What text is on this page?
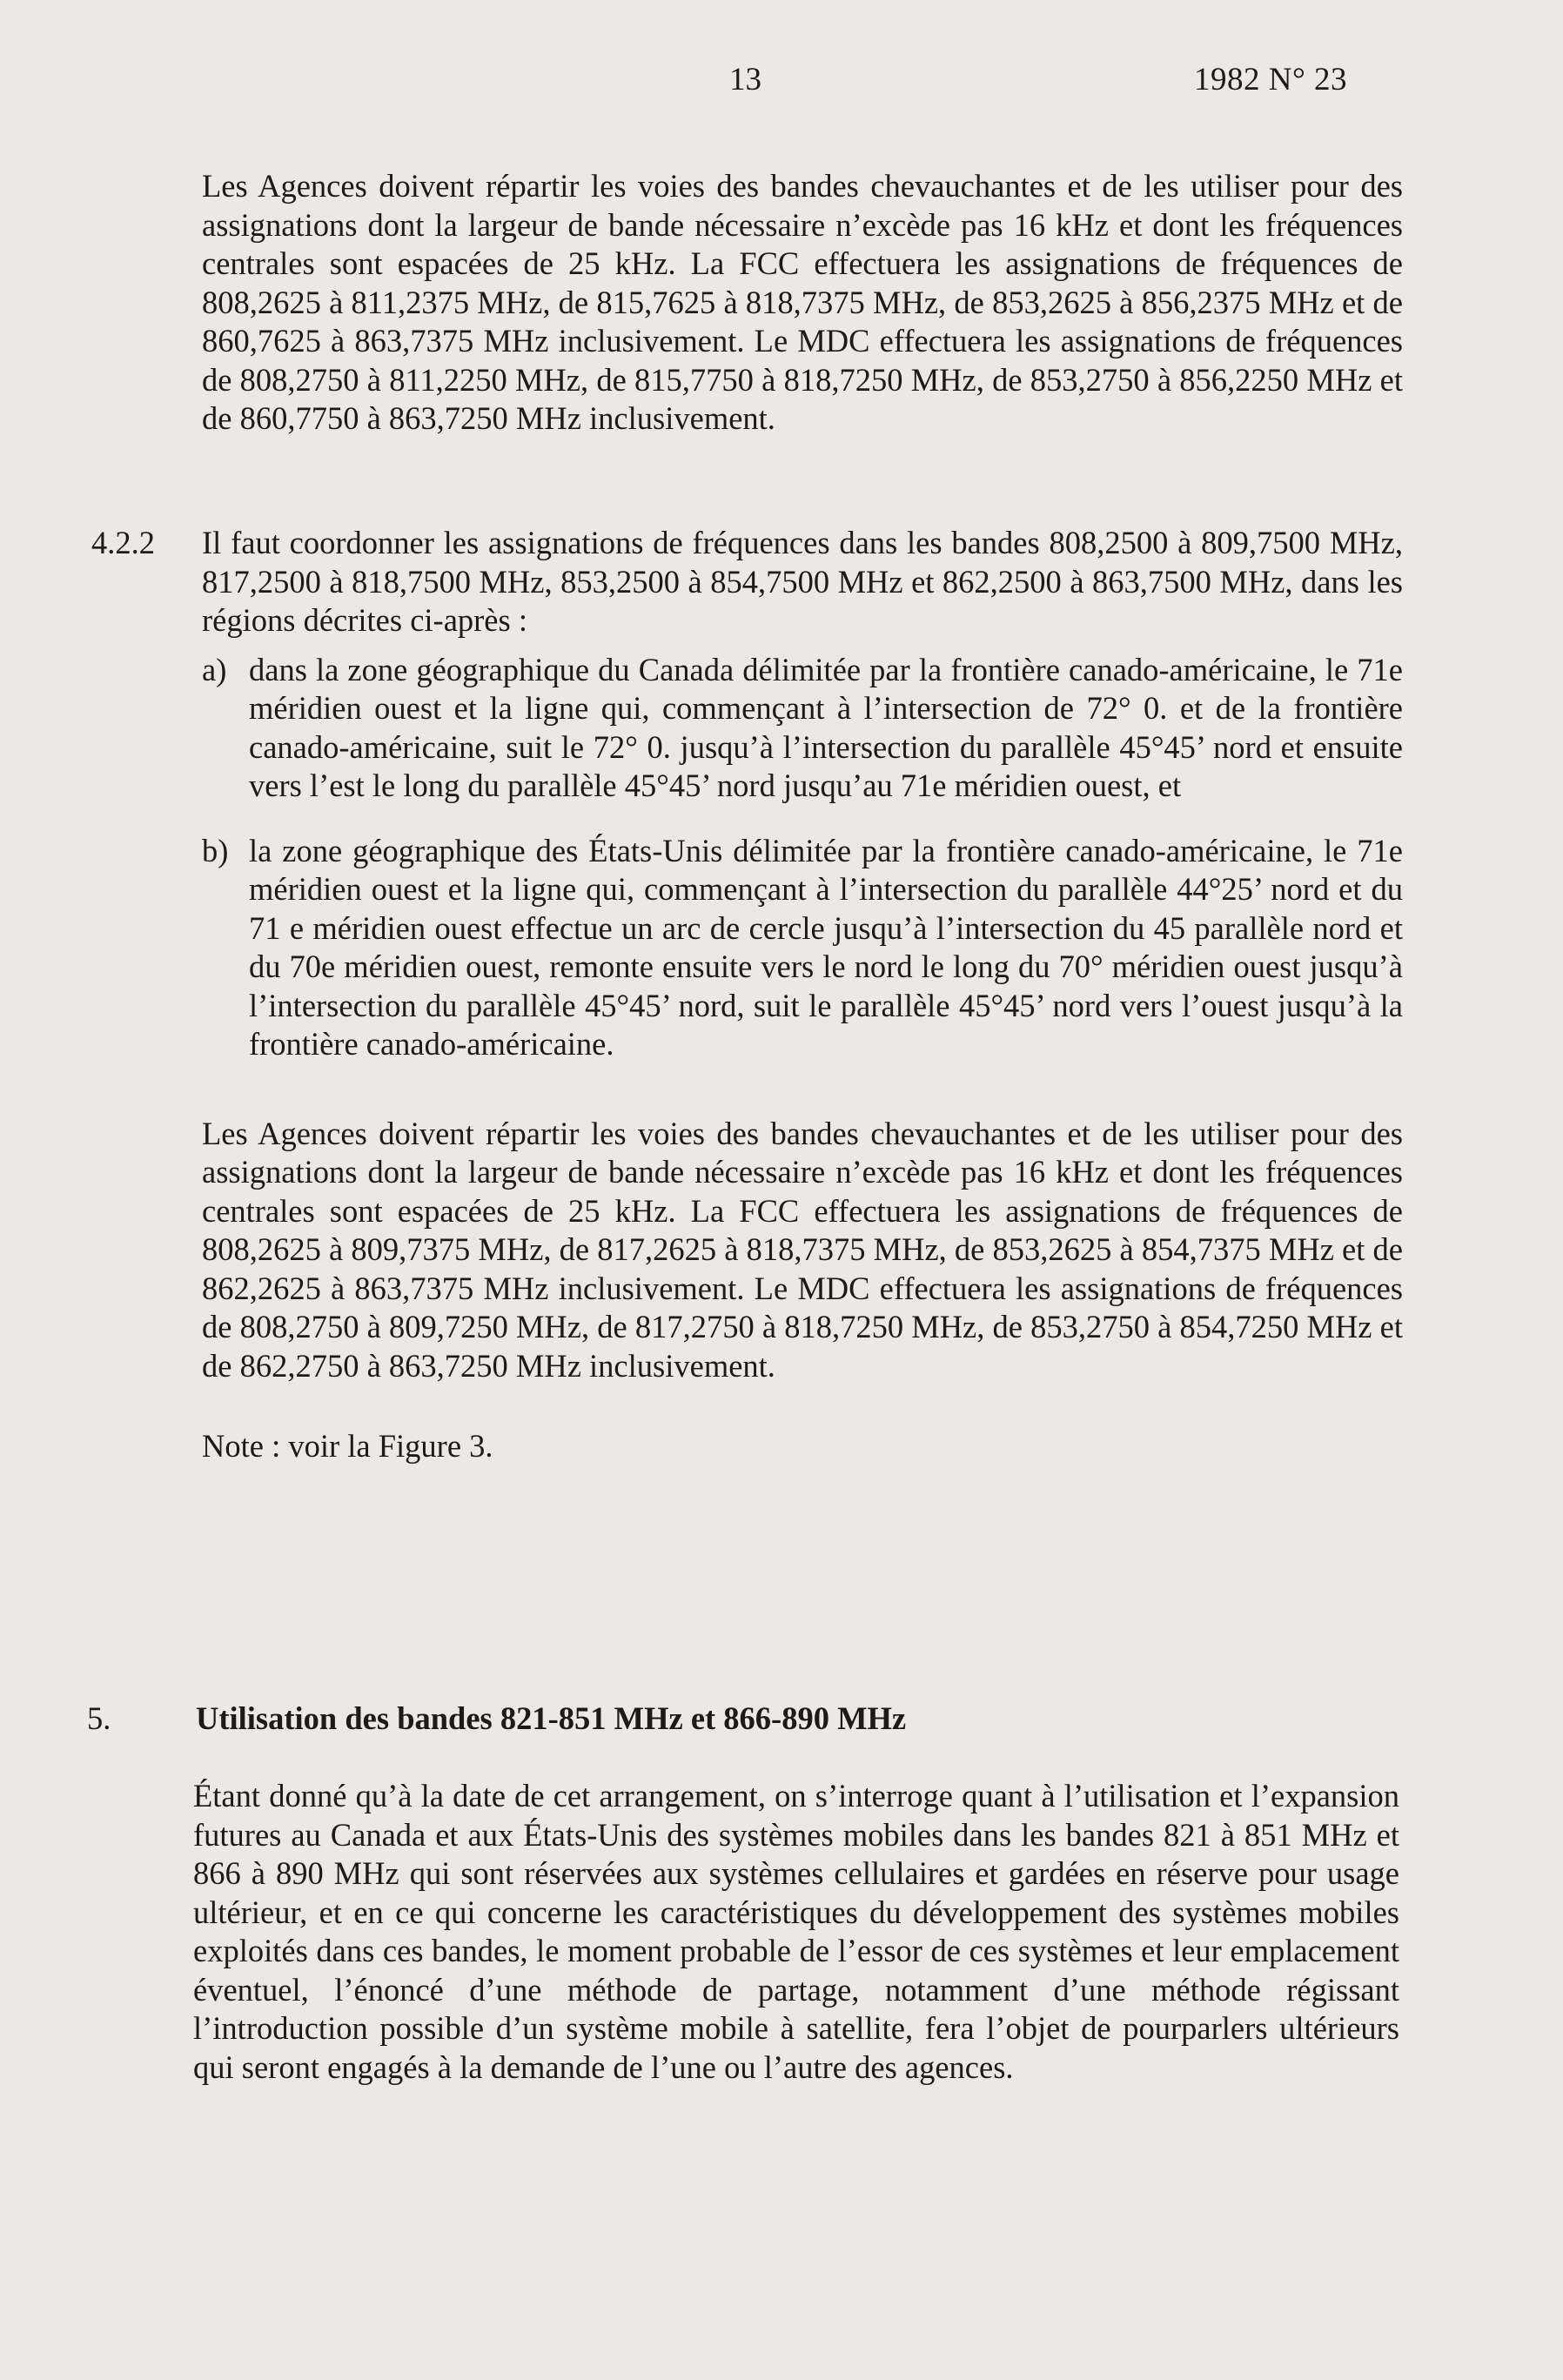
13	1982 N° 23

Les Agences doivent répartir les voies des bandes chevauchantes et de les utiliser pour des assignations dont la largeur de bande nécessaire n’excède pas 16 kHz et dont les fréquences centrales sont espacées de 25 kHz. La FCC effectuera les assignations de fréquences de 808,2625 à 811,2375 MHz, de 815,7625 à 818,7375 MHz, de 853,2625 à 856,2375 MHz et de 860,7625 à 863,7375 MHz inclusivement. Le MDC effectuera les assignations de fréquences de 808,2750 à 811,2250 MHz, de 815,7750 à 818,7250 MHz, de 853,2750 à 856,2250 MHz et de 860,7750 à 863,7250 MHz inclusivement.

4.2.2 Il faut coordonner les assignations de fréquences dans les bandes 808,2500 à 809,7500 MHz, 817,2500 à 818,7500 MHz, 853,2500 à 854,7500 MHz et 862,2500 à 863,7500 MHz, dans les régions décrites ci-après :

a) dans la zone géographique du Canada délimitée par la frontière canado-américaine, le 71e méridien ouest et la ligne qui, commençant à l’intersection de 72° 0. et de la frontière canado-américaine, suit le 72° 0. jusqu’à l’intersection du parallèle 45°45’ nord et ensuite vers l’est le long du parallèle 45°45’ nord jusqu’au 71e méridien ouest, et

b) la zone géographique des États-Unis délimitée par la frontière canado-américaine, le 71e méridien ouest et la ligne qui, commençant à l’intersection du parallèle 44°25’ nord et du 71 e méridien ouest effectue un arc de cercle jusqu’à l’intersection du 45 parallèle nord et du 70e méridien ouest, remonte ensuite vers le nord le long du 70° méridien ouest jusqu’à l’intersection du parallèle 45°45’ nord, suit le parallèle 45°45’ nord vers l’ouest jusqu’à la frontière canado-américaine.

Les Agences doivent répartir les voies des bandes chevauchantes et de les utiliser pour des assignations dont la largeur de bande nécessaire n’excède pas 16 kHz et dont les fréquences centrales sont espacées de 25 kHz. La FCC effectuera les assignations de fréquences de 808,2625 à 809,7375 MHz, de 817,2625 à 818,7375 MHz, de 853,2625 à 854,7375 MHz et de 862,2625 à 863,7375 MHz inclusivement. Le MDC effectuera les assignations de fréquences de 808,2750 à 809,7250 MHz, de 817,2750 à 818,7250 MHz, de 853,2750 à 854,7250 MHz et de 862,2750 à 863,7250 MHz inclusivement.

Note : voir la Figure 3.

5.	Utilisation des bandes 821-851 MHz et 866-890 MHz

Étant donné qu’à la date de cet arrangement, on s’interroge quant à l’utilisation et l’expansion futures au Canada et aux États-Unis des systèmes mobiles dans les bandes 821 à 851 MHz et 866 à 890 MHz qui sont réservées aux systèmes cellulaires et gardées en réserve pour usage ultérieur, et en ce qui concerne les caractéristiques du développement des systèmes mobiles exploités dans ces bandes, le moment probable de l’essor de ces systèmes et leur emplacement éventuel, l’énoncé d’une méthode de partage, notamment d’une méthode régissant l’introduction possible d’un système mobile à satellite, fera l’objet de pourparlers ultérieurs qui seront engagés à la demande de l’une ou l’autre des agences.
